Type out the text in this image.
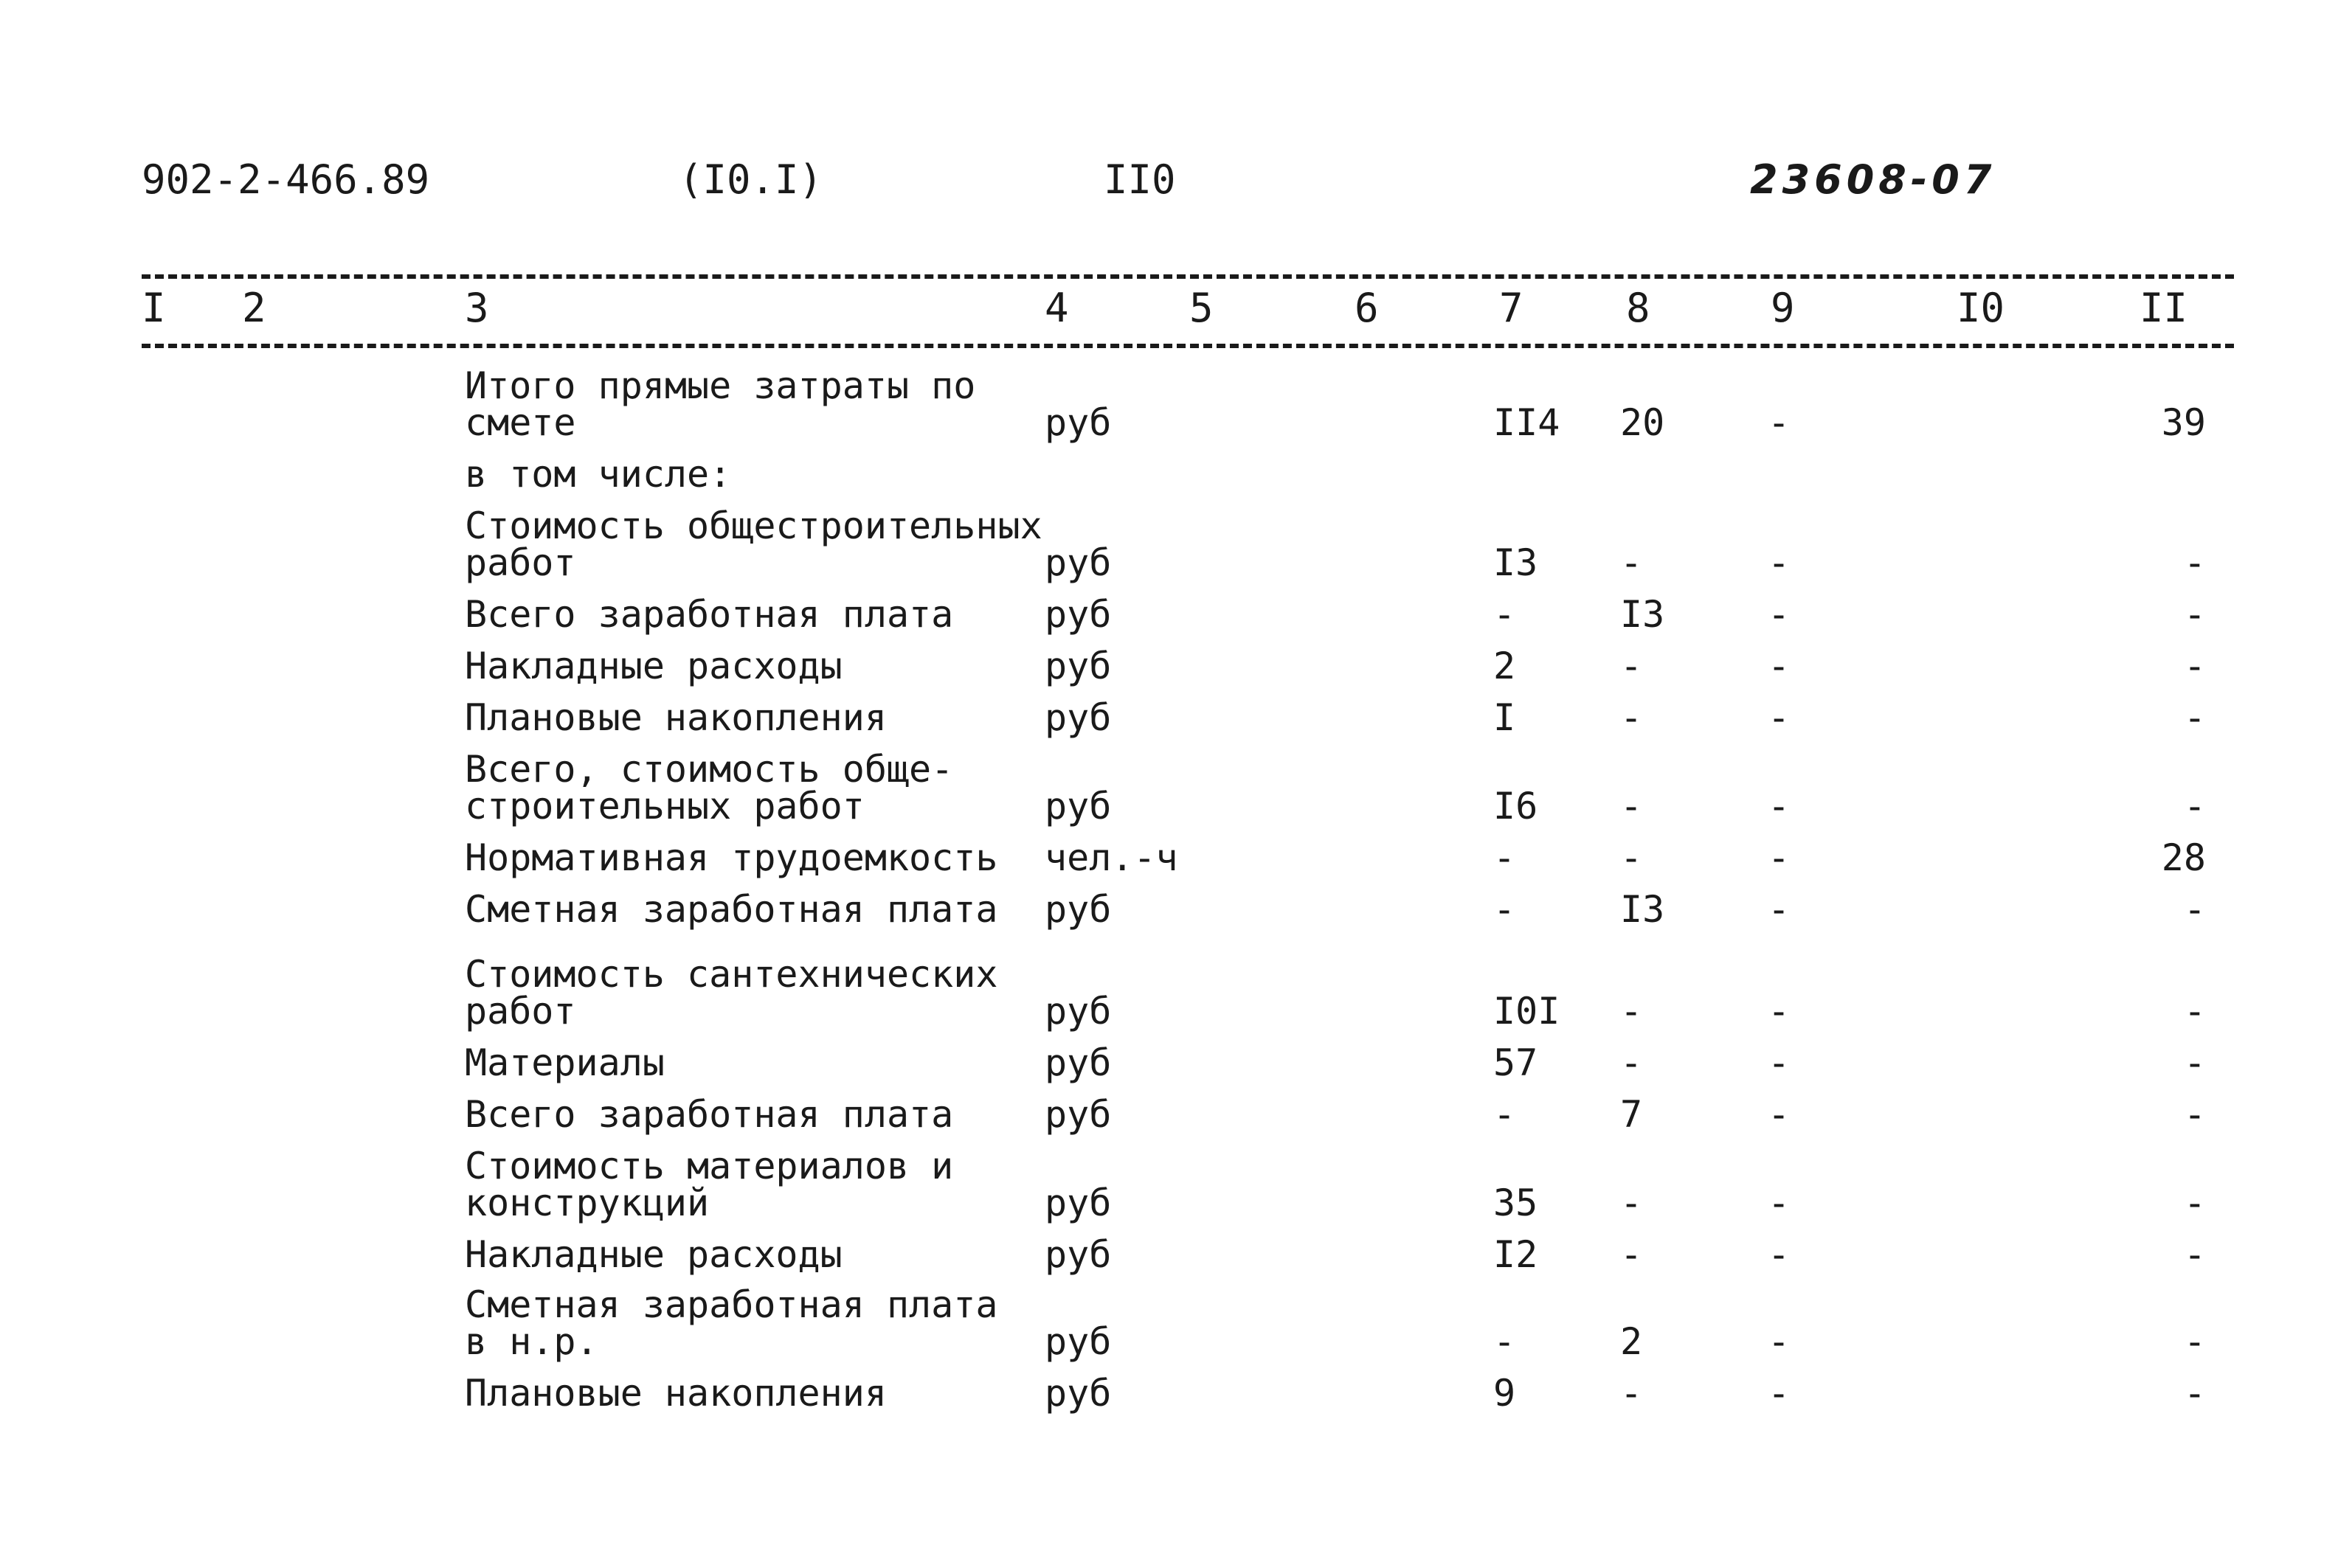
902-2-466.89	(I0.I)	II0	23608-07
I 2	3	4	5	6	7	8	9	I0	II
Итого прямые затраты по
смете	руб	II4	20	-	39
в том числе:
Стоимость общестроительных
работ	руб	I3	-	-	-
Всего заработная плата руб	-	I3	-	-
Накладные расходы	руб	2	-	-	-
Плановые накопления	руб	I	-	-	-
Всего, стоимость обще-
строительных работ	руб	I6	-	-	-
Нормативная трудоемкость чел.-ч	-	-	-	28
Сметная заработная плата руб	-	I3	-	-
Стоимость сантехнических
работ	руб	I0I	-	-	-
Материалы	руб	57	-	-	-
Всего заработная плата руб	-	7	-	-
Стоимость материалов и
конструкций	руб	35	-	-	-
Накладные расходы	руб	I2	-	-	-
Сметная заработная плата
в н.р.	руб	-	2	-	-
Плановые накопления	руб	9	-	-	-
